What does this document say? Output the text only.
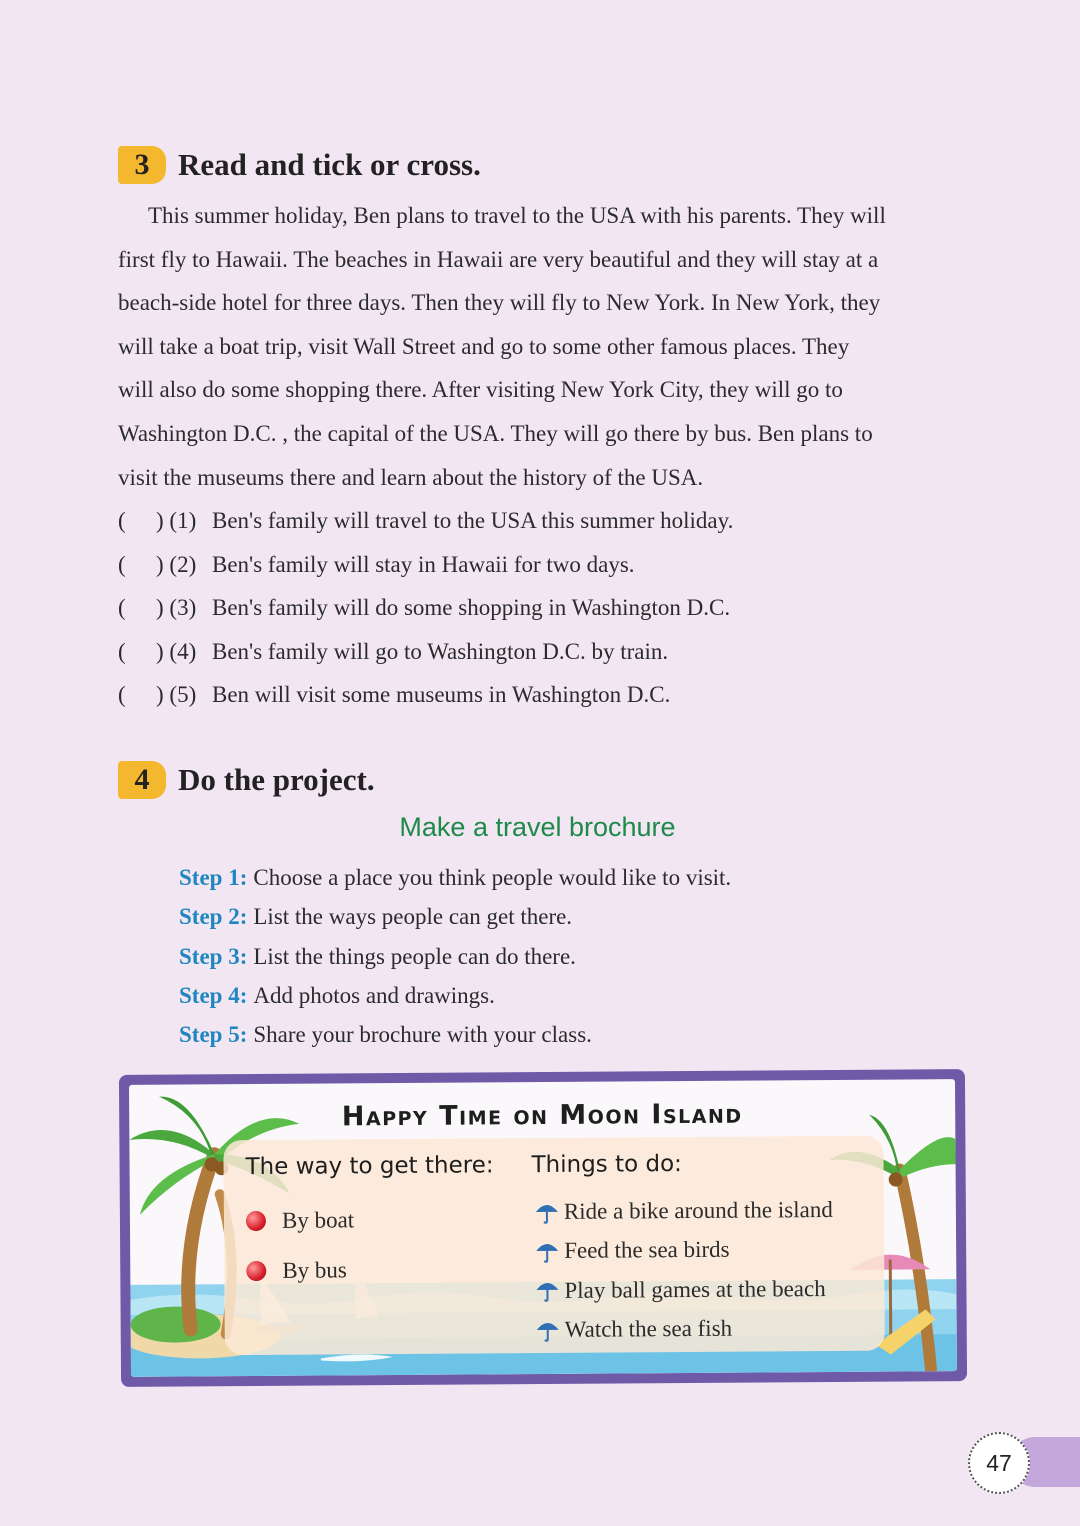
3 Read and tick or cross.

This summer holiday, Ben plans to travel to the USA with his parents. They will
first fly to Hawaii. The beaches in Hawaii are very beautiful and they will stay at a
beach-side hotel for three days. Then they will fly to New York. In New York, they
will take a boat trip, visit Wall Street and go to some other famous places. They
will also do some shopping there. After visiting New York City, they will go to
Washington D.C. , the capital of the USA. They will go there by bus. Ben plans to
visit the museums there and learn about the history of the USA.

( ) (1) Ben's family will travel to the USA this summer holiday.
( ) (2) Ben's family will stay in Hawaii for two days.
( ) (3) Ben's family will do some shopping in Washington D.C.
( ) (4) Ben's family will go to Washington D.C. by train.
( ) (5) Ben will visit some museums in Washington D.C.
4 Do the project.
Make a travel brochure
Step 1: Choose a place you think people would like to visit.
Step 2: List the ways people can get there.
Step 3: List the things people can do there.
Step 4: Add photos and drawings.
Step 5: Share your brochure with your class.
Happy Time on Moon Island
The way to get there: Things to do:
By boat
By bus
Ride a bike around the island
Feed the sea birds
Play ball games at the beach
Watch the sea fish
47
